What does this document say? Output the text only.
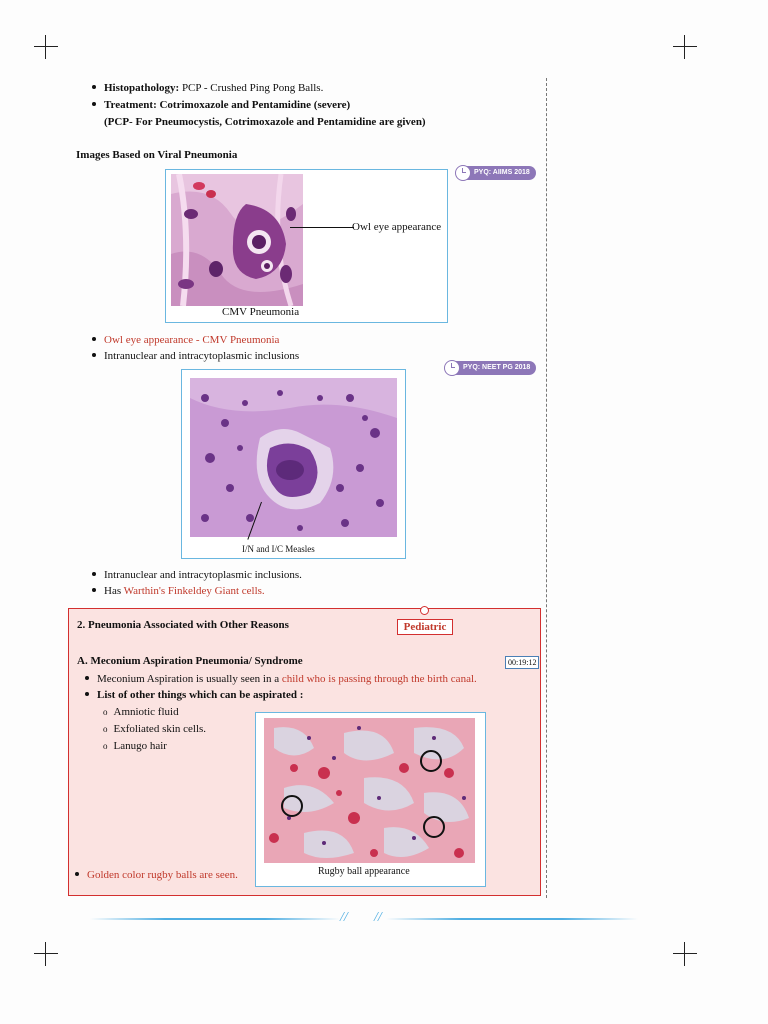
Histopathology: PCP - Crushed Ping Pong Balls.
Treatment: Cotrimoxazole and Pentamidine (severe)
(PCP- For Pneumocystis, Cotrimoxazole and Pentamidine are given)
Images Based on Viral Pneumonia
Owl eye appearance
CMV Pneumonia
PYQ: AIIMS 2018
Owl eye appearance - CMV Pneumonia
Intranuclear and intracytoplasmic inclusions
PYQ: NEET PG 2018
I/N and I/C Measles
Intranuclear and intracytoplasmic inclusions.
Has Warthin's Finkeldey Giant cells.
2. Pneumonia Associated with Other Reasons	Pediatric
A. Meconium Aspiration Pneumonia/ Syndrome	00:19:12
Meconium Aspiration is usually seen in a child who is passing through the birth canal.
List of other things which can be aspirated :
o Amniotic fluid
o Exfoliated skin cells.
o Lanugo hair
Golden color rugby balls are seen.	Rugby ball appearance
// //
